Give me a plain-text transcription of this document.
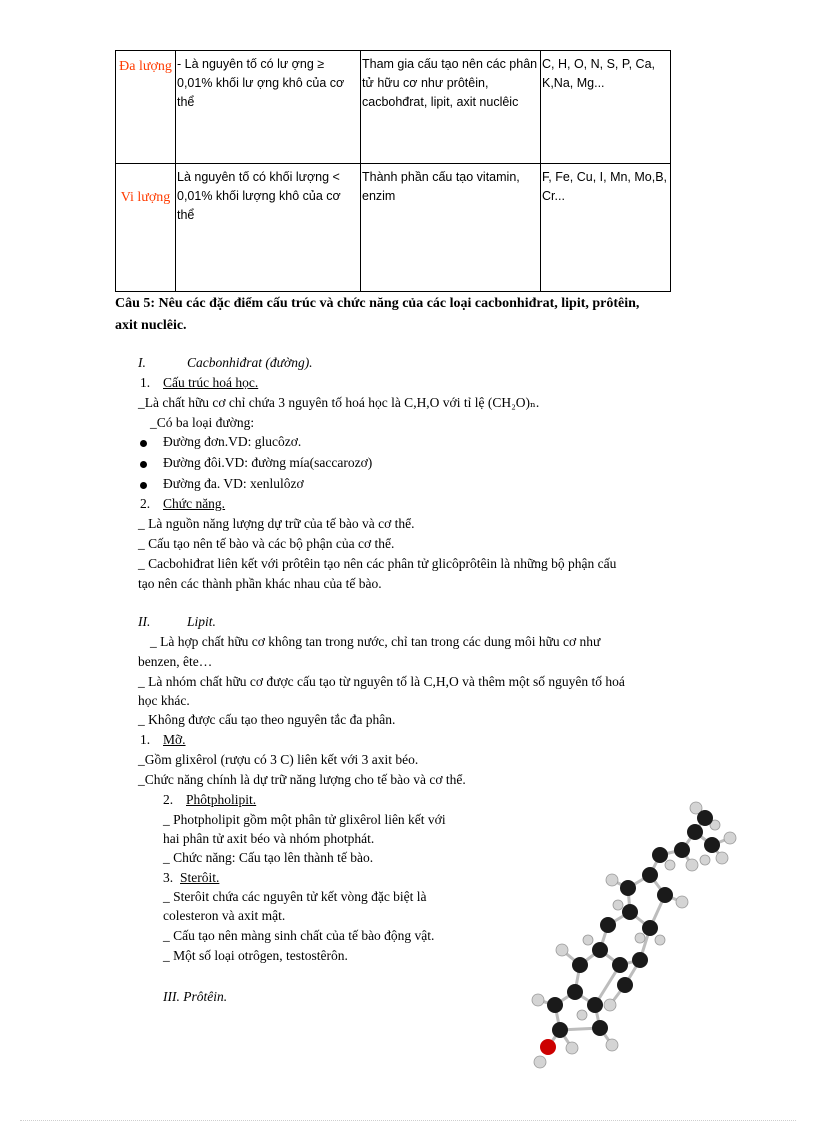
Đa lượng	- Là nguyên tố có lư ợng ≥ 0,01% khối lư ợng khô của cơ thể	Tham gia cấu tạo nên các phân tử hữu cơ như prôtêin, cacbohđrat, lipit, axit nuclêic	C, H, O, N, S, P, Ca, K,Na, Mg...
Vi lượng	Là nguyên tố có khối lượng < 0,01% khối lượng khô của cơ thể	Thành phần cấu tạo vitamin, enzim	F, Fe, Cu, I, Mn, Mo,B, Cr...
Câu 5: Nêu các đặc điểm cấu trúc và chức năng của các loại cacbonhiđrat, lipit, prôtêin,
axit nuclêic.
I.	Cacbonhiđrat (đường).
1. Cấu trúc hoá học.
_Là chất hữu cơ chỉ chứa 3 nguyên tố hoá học là C,H,O với tỉ lệ (CH₂O)ₙ.
_Có ba loại đường:
Đường đơn.VD: glucôzơ.
Đường đôi.VD: đường mía(saccarozơ)
Đường đa. VD: xenlulôzơ
2. Chức năng.
_ Là nguồn năng lượng dự trữ của tế bào và cơ thể.
_ Cấu tạo nên tế bào và các bộ phận của cơ thể.
_ Cacbohiđrat liên kết với prôtêin tạo nên các phân tử glicôprôtêin là những bộ phận cấu
tạo nên các thành phần khác nhau của tế bào.
II.	Lipit.
_ Là hợp chất hữu cơ không tan trong nước, chỉ tan trong các dung môi hữu cơ như
benzen, ête…
_ Là nhóm chất hữu cơ được cấu tạo từ nguyên tố là C,H,O và thêm một số nguyên tố hoá
học khác.
_ Không được cấu tạo theo nguyên tắc đa phân.
1. Mỡ.
_Gồm glixêrol (rượu có 3 C) liên kết với 3 axit béo.
_Chức năng chính là dự trữ năng lượng cho tế bào và cơ thể.
2. Phôtpholipit.
_ Photpholipit gồm một phân tử glixêrol liên kết với
hai phân tử axit béo và nhóm photphát.
_ Chức năng: Cấu tạo lên thành tế bào.
3. Sterôit.
_ Sterôit chứa các nguyên tử kết vòng đặc biệt là
colesteron và axit mật.
_ Cấu tạo nên màng sinh chất của tế bào động vật.
_ Một số loại otrôgen, testostêrôn.
III. Prôtêin.
